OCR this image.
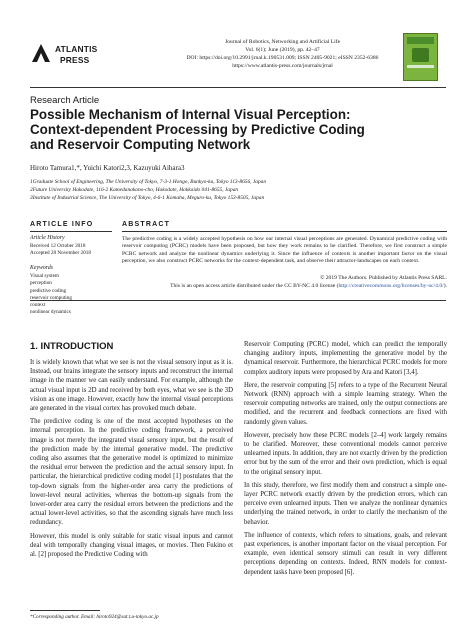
ATLANTIS
PRESS
Journal of Robotics, Networking and Artificial Life
Vol. 6(1); June (2019), pp. 42–47
DOI: https://doi.org/10.2991/jrnal.k.190531.009; ISSN 2405-9021; eISSN 2352-6386
https://www.atlantis-press.com/journals/jrnal
Research Article
Possible Mechanism of Internal Visual Perception:
Context-dependent Processing by Predictive Coding
and Reservoir Computing Network
Hiroto Tamura1,*, Yuichi Katori2,3, Kazuyuki Aihara3
1Graduate School of Engineering, The University of Tokyo, 7-3-1 Hongo, Bunkyo-ku, Tokyo 113-8656, Japan
2Future University Hakodate, 116-2 Kamedanakano-cho, Hakodate, Hokkaido 041-8655, Japan
3Institute of Industrial Science, The University of Tokyo, 4-6-1 Komaba, Meguro-ku, Tokyo 153-8505, Japan
ARTICLE INFO
Article History
Received 12 October 2018
Accepted 28 November 2018
Keywords
Visual system
perception
predictive coding
reservoir computing
context
nonlinear dynamics
ABSTRACT
The predictive coding is a widely accepted hypothesis on how our internal visual perceptions are generated. Dynamical predictive coding with reservoir computing (PCRC) models have been proposed, but how they work remains to be clarified. Therefore, we first construct a simple PCRC network and analyze the nonlinear dynamics underlying it. Since the influence of contexts is another important factor on the visual perception, we also construct PCRC networks for the context-dependent task, and observe their attractor-landscapes on each context.
© 2019 The Authors. Published by Atlantis Press SARL.
This is an open access article distributed under the CC BY-NC 4.0 license (http://creativecommons.org/licenses/by-nc/4.0/).
1. INTRODUCTION

It is widely known that what we see is not the visual sensory input as it is. Instead, our brains integrate the sensory inputs and reconstruct the internal image in the manner we can easily understand. For example, although the actual visual input is 2D and received by both eyes, what we see is the 3D vision as one image. However, exactly how the internal visual perceptions are generated in the visual cortex has provoked much debate.

The predictive coding is one of the most accepted hypotheses on the internal perception. In the predictive coding framework, a perceived image is not merely the integrated visual sensory input, but the result of the prediction made by the internal generative model. The predictive coding also assumes that the generative model is optimized to minimize the residual error between the prediction and the actual sensory input. In particular, the hierarchical predictive coding model [1] postulates that the top-down signals from the higher-order area carry the predictions of lower-level neural activities, whereas the bottom-up signals from the lower-order area carry the residual errors between the predictions and the actual lower-level activities, so that the ascending signals have much less redundancy.

However, this model is only suitable for static visual inputs and cannot deal with temporally changing visual images, or movies. Then Fukino et al. [2] proposed the Predictive Coding with

Reservoir Computing (PCRC) model, which can predict the temporally changing auditory inputs, implementing the generative model by the dynamical reservoir. Furthermore, the hierarchical PCRC models for more complex auditory inputs were proposed by Ara and Katori [3,4].

Here, the reservoir computing [5] refers to a type of the Recurrent Neural Network (RNN) approach with a simple learning strategy. When the reservoir computing networks are trained, only the output connections are modified, and the recurrent and feedback connections are fixed with randomly given values.

However, precisely how these PCRC models [2–4] work largely remains to be clarified. Moreover, these conventional models cannot perceive unlearned inputs. In addition, they are not exactly driven by the prediction error but by the sum of the error and their own prediction, which is equal to the original sensory input.

In this study, therefore, we first modify them and construct a simple one-layer PCRC network exactly driven by the prediction errors, which can perceive even unlearned inputs. Then we analyze the nonlinear dynamics underlying the trained network, in order to clarify the mechanism of the behavior.

The influence of contexts, which refers to situations, goals, and relevant past experiences, is another important factor on the visual perception. For example, even identical sensory stimuli can result in very different perceptions depending on contexts. Indeed, RNN models for context-dependent tasks have been proposed [6].

*Corresponding author. Email: hiroto924@sat.t.u-tokyo.ac.jp
